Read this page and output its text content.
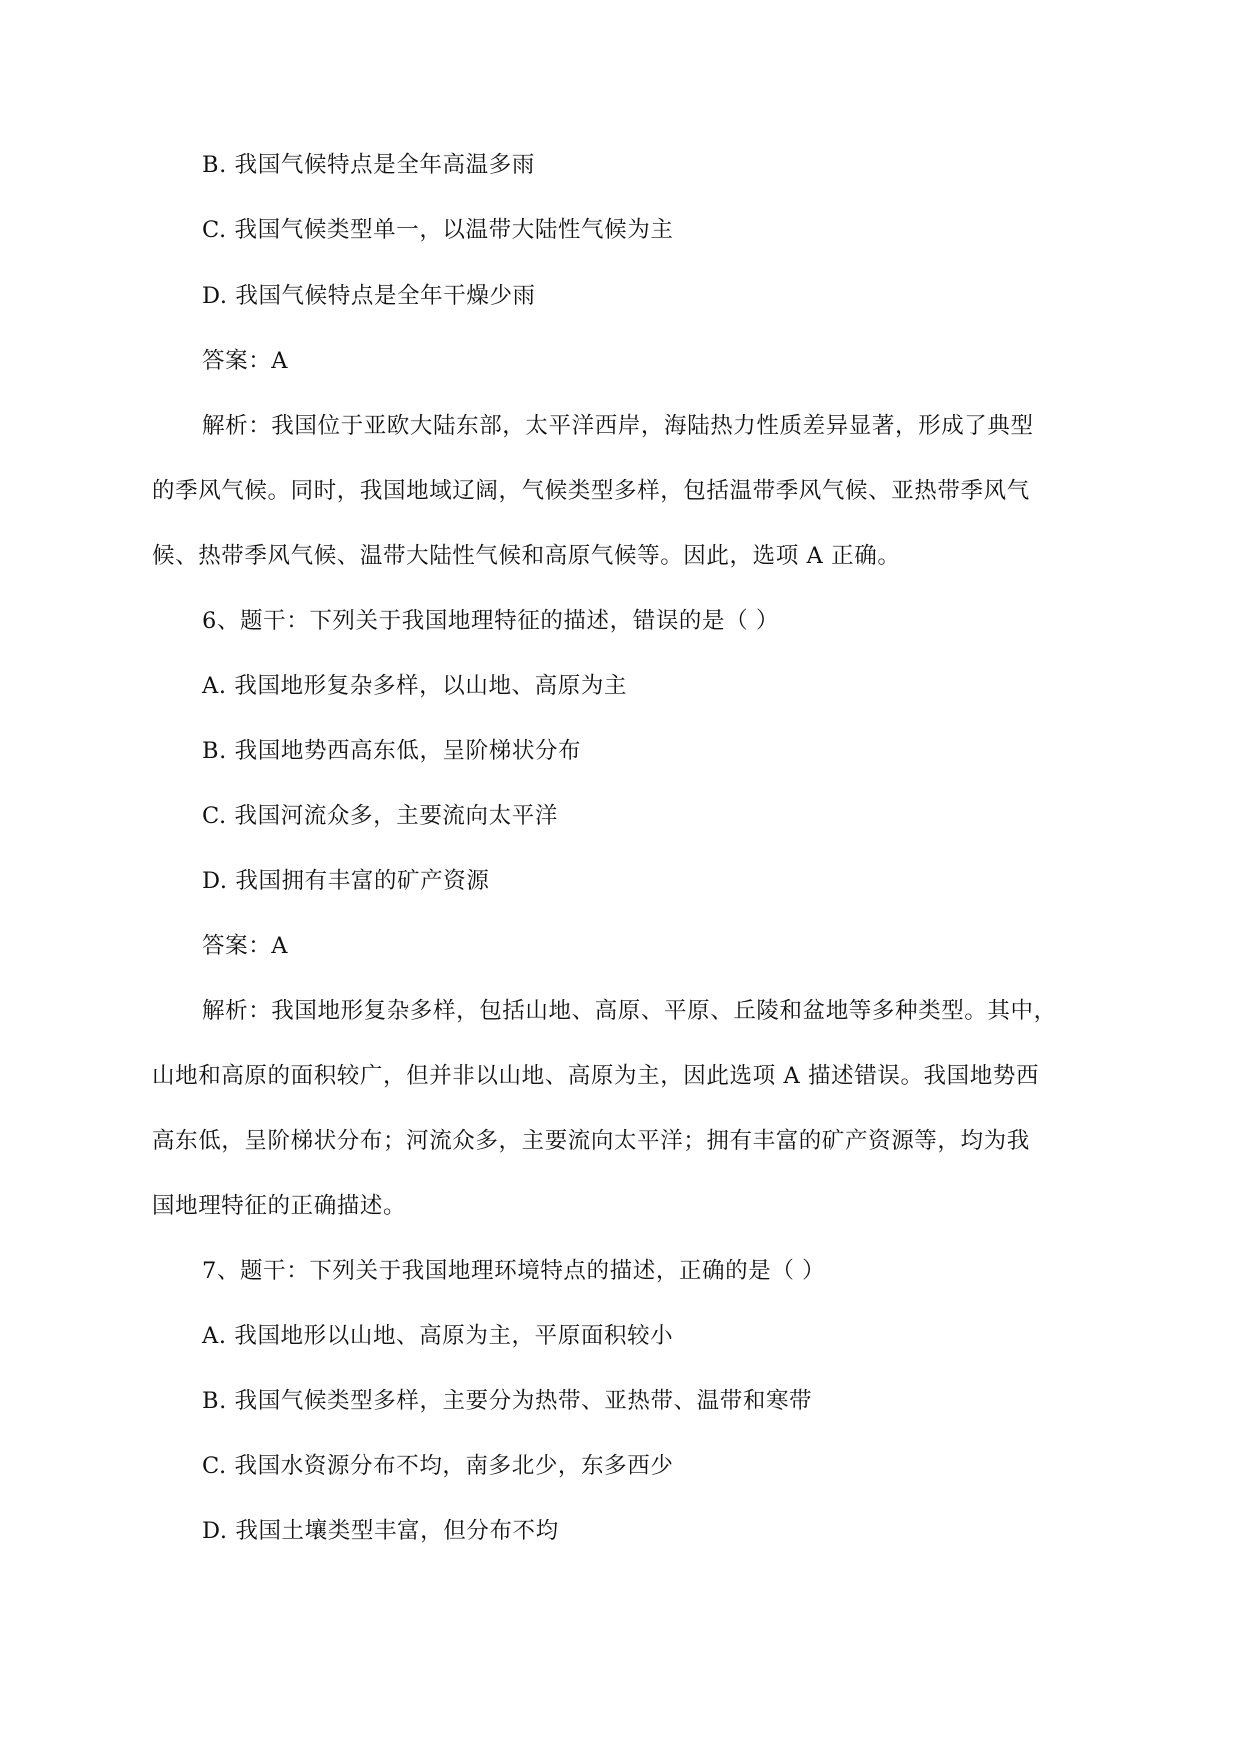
B. 我国气候特点是全年高温多雨
C. 我国气候类型单一，以温带大陆性气候为主
D. 我国气候特点是全年干燥少雨
答案：A
解析：我国位于亚欧大陆东部，太平洋西岸，海陆热力性质差异显著，形成了典型
的季风气候。同时，我国地域辽阔，气候类型多样，包括温带季风气候、亚热带季风气
候、热带季风气候、温带大陆性气候和高原气候等。因此，选项 A 正确。
6、题干：下列关于我国地理特征的描述，错误的是（ ）
A. 我国地形复杂多样，以山地、高原为主
B. 我国地势西高东低，呈阶梯状分布
C. 我国河流众多，主要流向太平洋
D. 我国拥有丰富的矿产资源
答案：A
解析：我国地形复杂多样，包括山地、高原、平原、丘陵和盆地等多种类型。其中，
山地和高原的面积较广，但并非以山地、高原为主，因此选项 A 描述错误。我国地势西
高东低，呈阶梯状分布；河流众多，主要流向太平洋；拥有丰富的矿产资源等，均为我
国地理特征的正确描述。
7、题干：下列关于我国地理环境特点的描述，正确的是（ ）
A. 我国地形以山地、高原为主，平原面积较小
B. 我国气候类型多样，主要分为热带、亚热带、温带和寒带
C. 我国水资源分布不均，南多北少，东多西少
D. 我国土壤类型丰富，但分布不均
